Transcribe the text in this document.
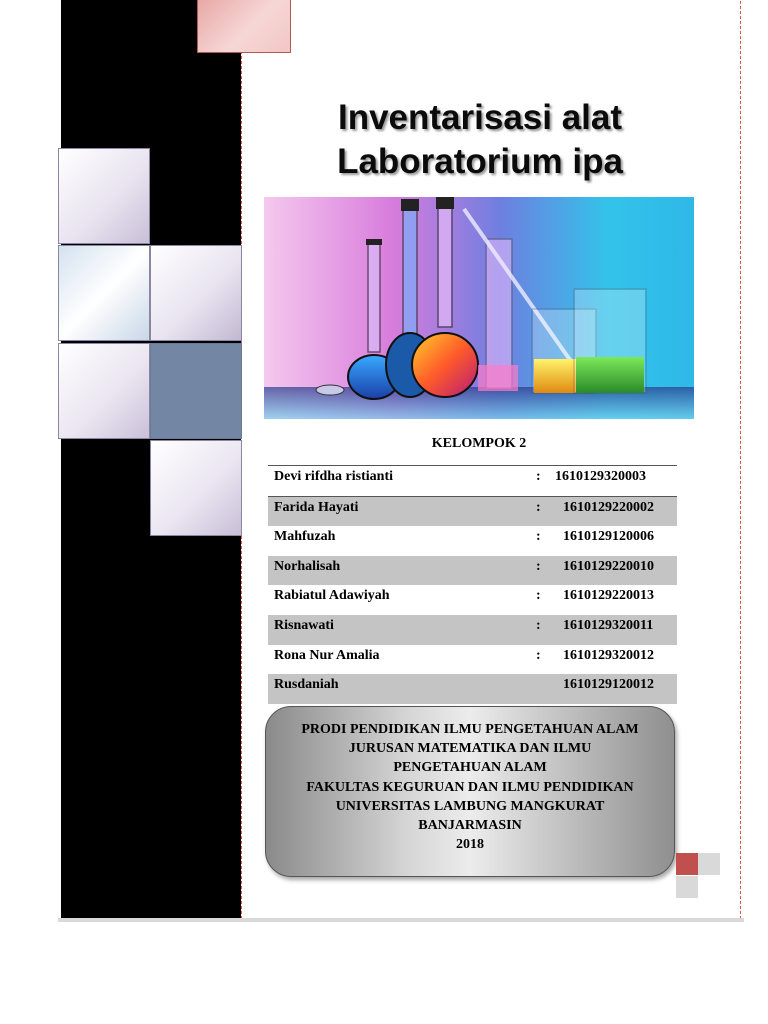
Inventarisasi alat
Laboratorium ipa
KELOMPOK 2
Devi rifdha ristianti	: 1610129320003
Farida Hayati	: 1610129220002
Mahfuzah	: 1610129120006
Norhalisah	: 1610129220010
Rabiatul Adawiyah	: 1610129220013
Risnawati	: 1610129320011
Rona Nur Amalia	: 1610129320012
Rusdaniah	1610129120012
PRODI PENDIDIKAN ILMU PENGETAHUAN ALAM
JURUSAN MATEMATIKA DAN ILMU
PENGETAHUAN ALAM
FAKULTAS KEGURUAN DAN ILMU PENDIDIKAN
UNIVERSITAS LAMBUNG MANGKURAT
BANJARMASIN
2018
